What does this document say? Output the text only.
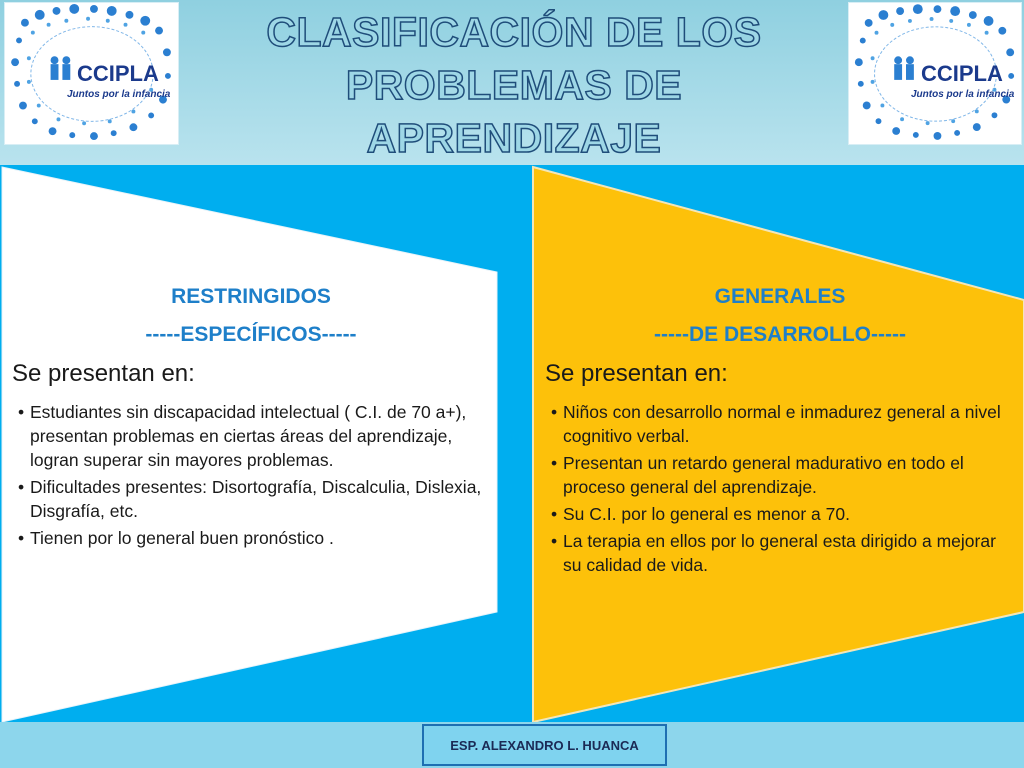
CCIPLA
Juntos por la infancia
CCIPLA
Juntos por la infancia
CLASIFICACIÓN DE LOS
PROBLEMAS DE
APRENDIZAJE
RESTRINGIDOS
-----ESPECÍFICOS-----
Se presentan en:
• Estudiantes sin discapacidad intelectual ( C.I. de 70 a+), presentan problemas en ciertas áreas del aprendizaje, logran superar sin mayores problemas.
• Dificultades presentes: Disortografía, Discalculia, Dislexia, Disgrafía, etc.
• Tienen por lo general buen pronóstico .
GENERALES
-----DE DESARROLLO-----
Se presentan en:
• Niños con desarrollo normal e inmadurez general a nivel cognitivo verbal.
• Presentan un retardo general madurativo en todo el proceso general del aprendizaje.
• Su C.I. por lo general es menor a 70.
• La terapia en ellos por lo general esta dirigido a mejorar su calidad de vida.
ESP. ALEXANDRO L. HUANCA
